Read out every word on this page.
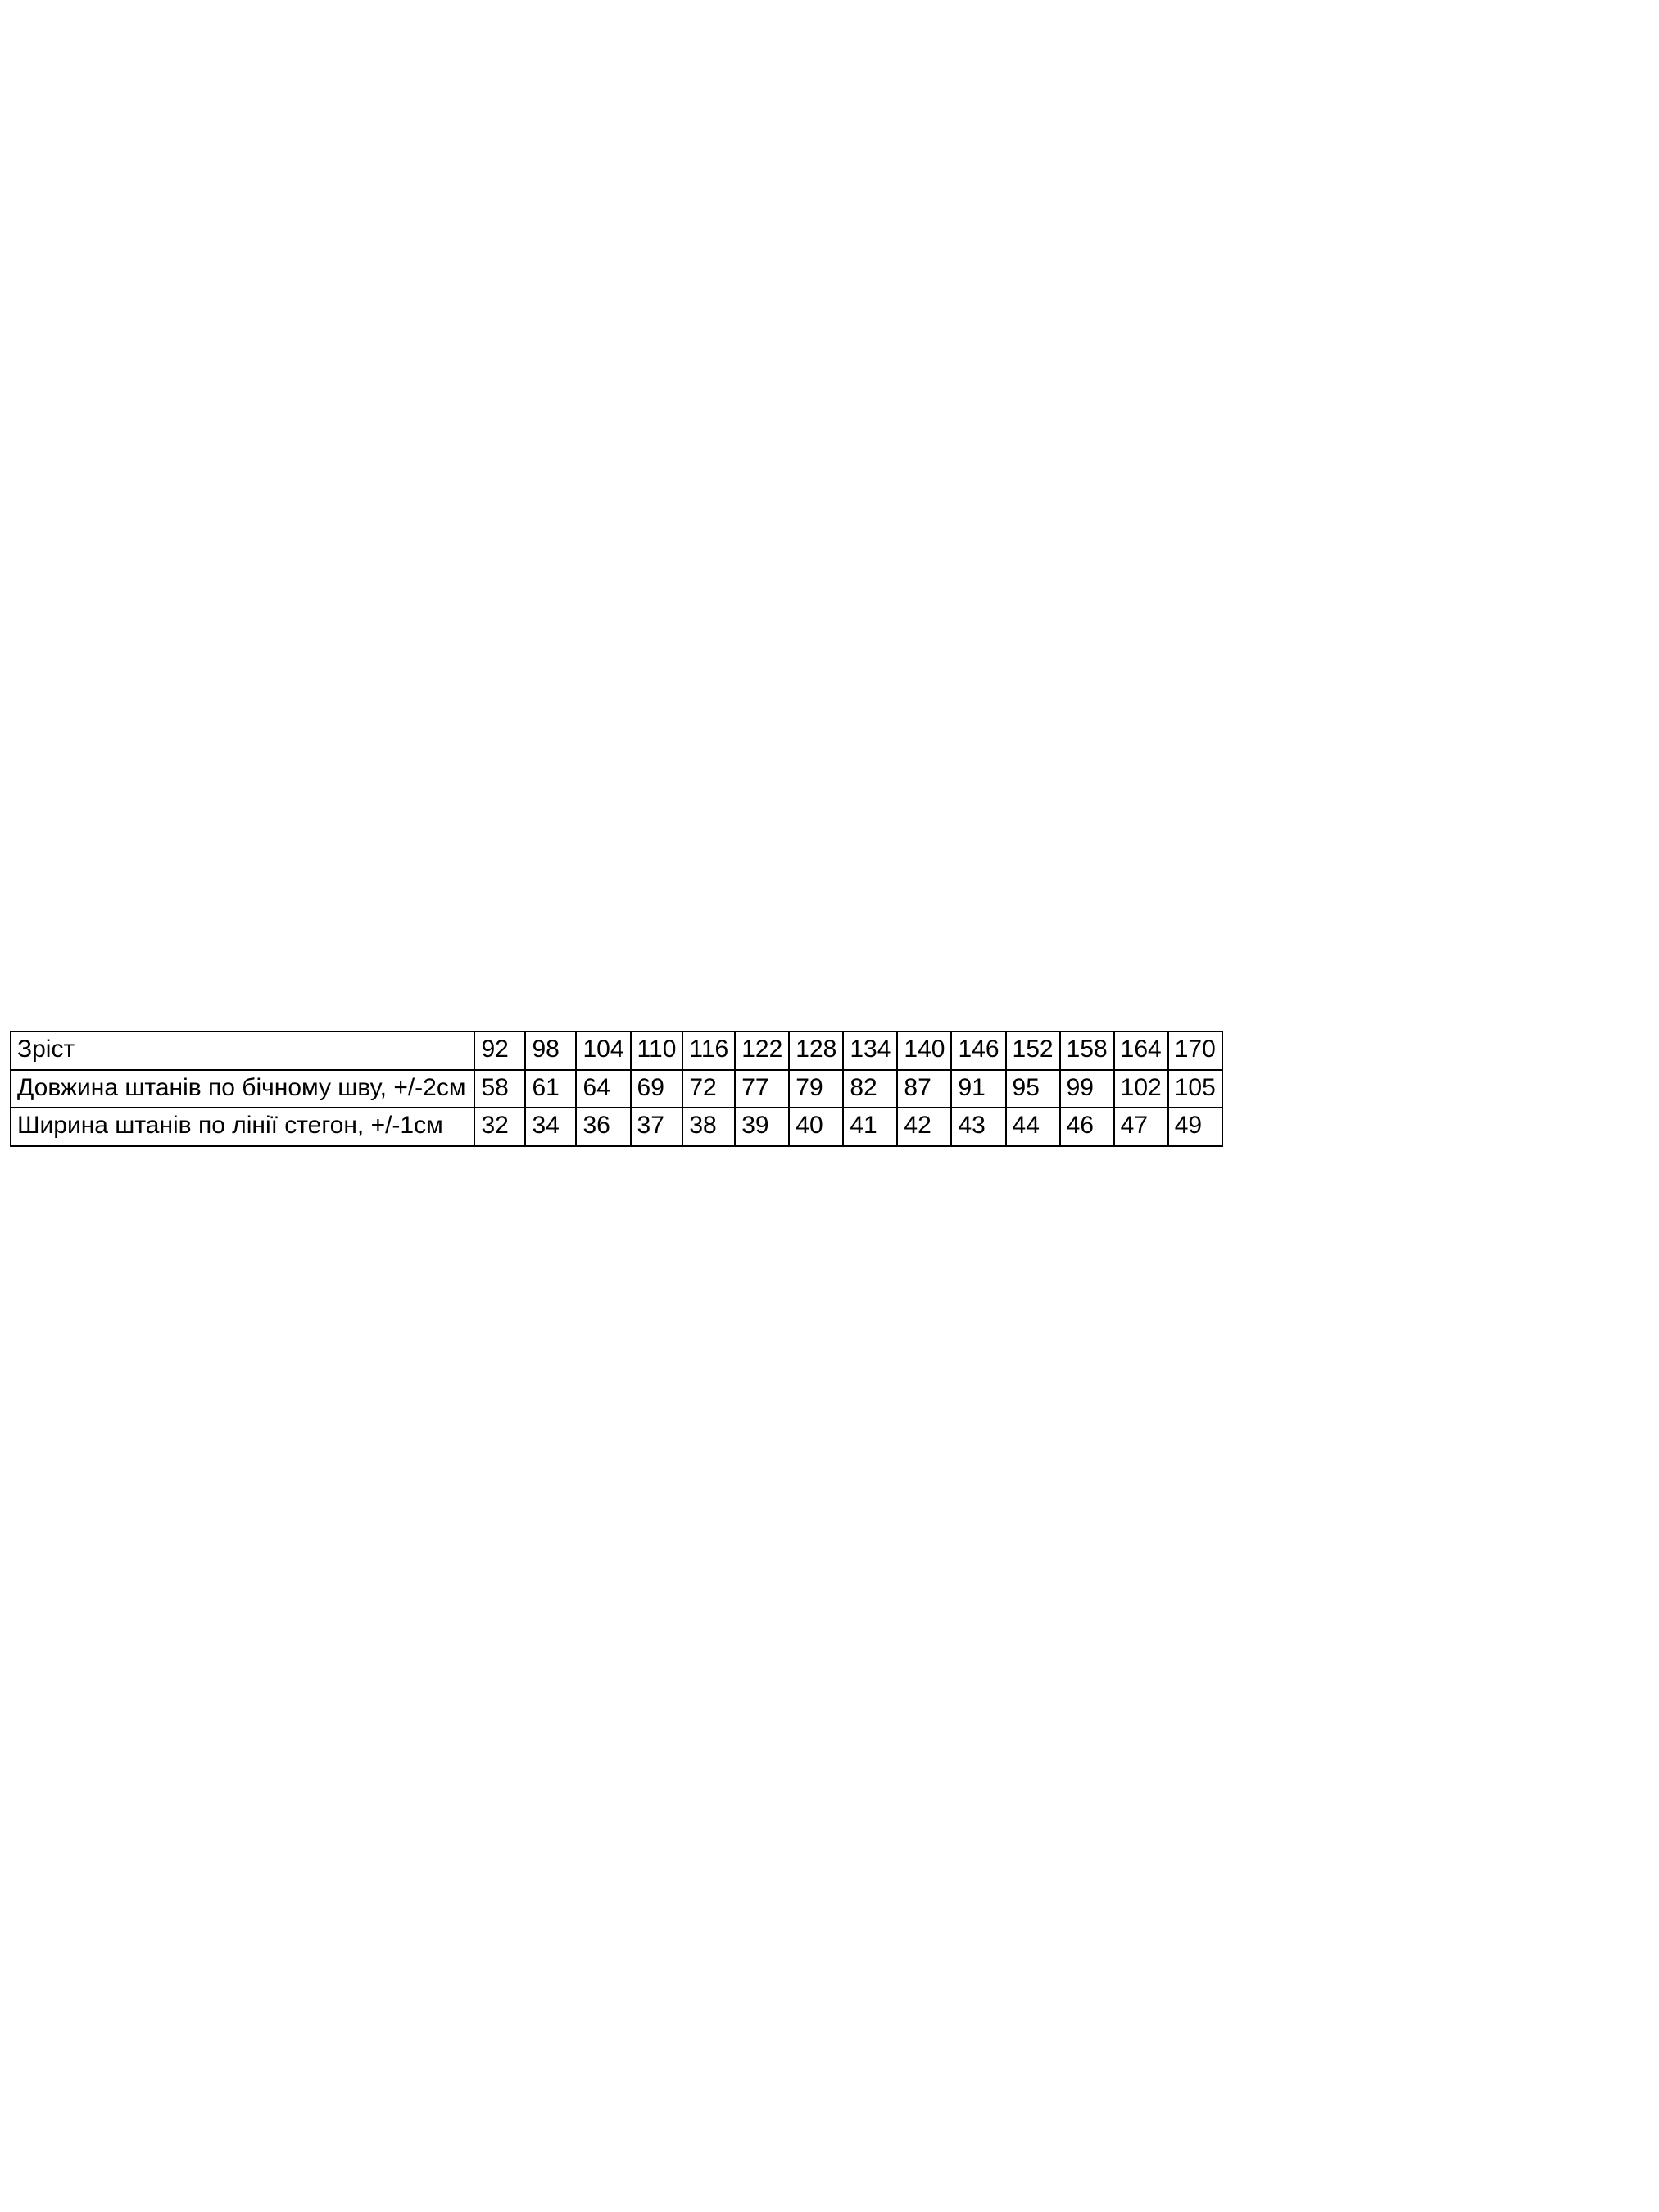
Зріст	92	98	104	110	116	122	128	134	140	146	152	158	164	170
Довжина штанів по бічному шву, +/-2см	58	61	64	69	72	77	79	82	87	91	95	99	102	105
Ширина штанів по лінії стегон, +/-1см	32	34	36	37	38	39	40	41	42	43	44	46	47	49
